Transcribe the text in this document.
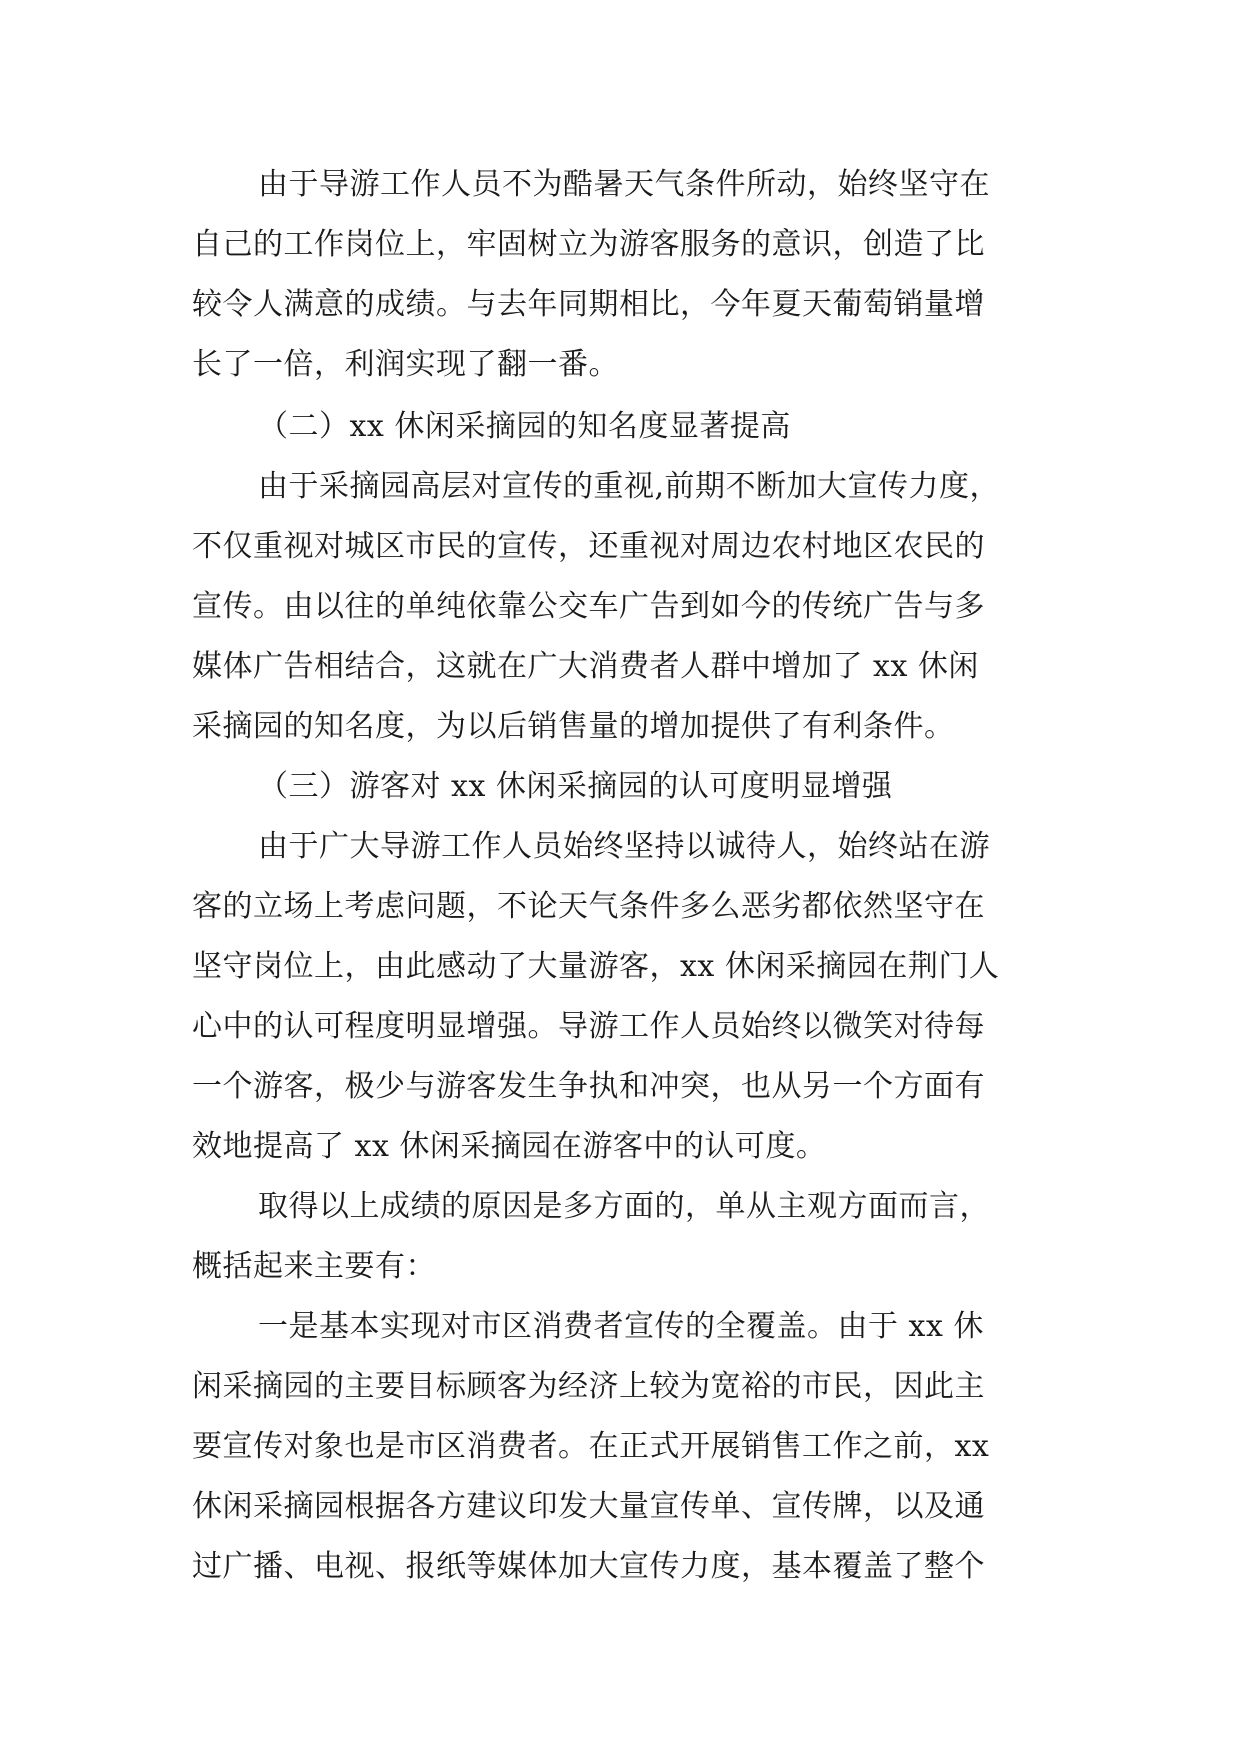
由于导游工作人员不为酷暑天气条件所动，始终坚守在
自己的工作岗位上，牢固树立为游客服务的意识，创造了比
较令人满意的成绩。与去年同期相比，今年夏天葡萄销量增
长了一倍，利润实现了翻一番。
（二）xx 休闲采摘园的知名度显著提高
由于采摘园高层对宣传的重视,前期不断加大宣传力度，
不仅重视对城区市民的宣传，还重视对周边农村地区农民的
宣传。由以往的单纯依靠公交车广告到如今的传统广告与多
媒体广告相结合，这就在广大消费者人群中增加了 xx 休闲
采摘园的知名度，为以后销售量的增加提供了有利条件。
（三）游客对 xx 休闲采摘园的认可度明显增强
由于广大导游工作人员始终坚持以诚待人，始终站在游
客的立场上考虑问题，不论天气条件多么恶劣都依然坚守在
坚守岗位上，由此感动了大量游客，xx 休闲采摘园在荆门人
心中的认可程度明显增强。导游工作人员始终以微笑对待每
一个游客，极少与游客发生争执和冲突，也从另一个方面有
效地提高了 xx 休闲采摘园在游客中的认可度。
取得以上成绩的原因是多方面的，单从主观方面而言，
概括起来主要有：
一是基本实现对市区消费者宣传的全覆盖。由于 xx 休
闲采摘园的主要目标顾客为经济上较为宽裕的市民，因此主
要宣传对象也是市区消费者。在正式开展销售工作之前，xx
休闲采摘园根据各方建议印发大量宣传单、宣传牌，以及通
过广播、电视、报纸等媒体加大宣传力度，基本覆盖了整个
